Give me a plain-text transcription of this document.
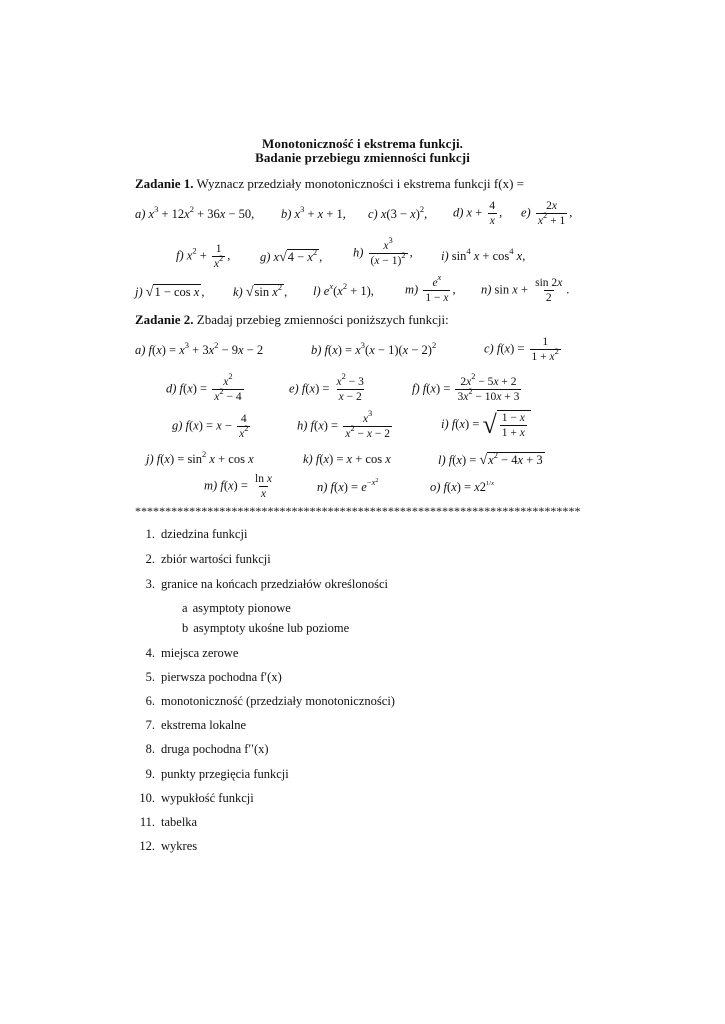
Monotoniczność i ekstrema funkcji.
Badanie przebiegu zmienności funkcji
Zadanie 1. Wyznacz przedziały monotoniczności i ekstrema funkcji f(x) =
a) $x^3 + 12x^2 + 36x - 50$, b) $x^3 + x + 1$, c) $x(3 - x)^2$, d) $x + \frac{4}{x}$ , $e) \frac{2x}{x^2 + 1}$ ,
f) $x^2 + \frac{1}{x^2}$ , g) $x√4 - x^2$ , $h) \frac{x^3}{(x - 1)^2}$ , i) $\sin^4 x + \cos^4 x$,
j) √1 − cos x , k) √sin $x^2$ , l) $e^x(x^2 + 1)$, $m) \frac{e^x}{1 - x}$ , n) $\sin x + \frac{\sin 2x}{2}$ .
Zadanie 2. Zbadaj przebieg zmienności poniższych funkcji:
a) $f(x) = x^3 + 3x^2 - 9x - 2$	b) $f(x) = x^3(x - 1)(x - 2)^2$	c) $f(x) = \frac{1}{1 + x^2}$
d) $f(x) = \frac{x^2}{x^2 - 4}$	e) $f(x) = \frac{x^2 - 3}{x - 2}$	f) $f(x) = \frac{2x^2 - 5x + 2}{3x^2 - 10x + 3}$
g) $f(x) = x - \frac{4}{x^2}$	h) $f(x) = \frac{x^3}{x^2 - x - 2}$	i) f(x) = √ $\frac{1 - x}{1 + x}$
j) $f(x) = \sin^2 x + \cos x$	k) f(x) = x + cos x	l) $f(x) = √x^2 - 4x + 3$
m) $f(x) = \frac{\text{ln x}}{x}$	n) $f(x) = e^{-x^2}$	o) $f(x) = x2^{1/x}$
**************************************************************************
1. dziedzina funkcji
2. zbiór wartości funkcji
3. granice na końcach przedziałów określoności
a asymptoty pionowe
b asymptoty ukośne lub poziome
4. miejsca zerowe
5. pierwsza pochodna f′(x)
6. monotoniczność (przedziały monotoniczności)
7. ekstrema lokalne
8. druga pochodna f′′(x)
9. punkty przegięcia funkcji
10. wypukłość funkcji
11. tabelka
12. wykres
